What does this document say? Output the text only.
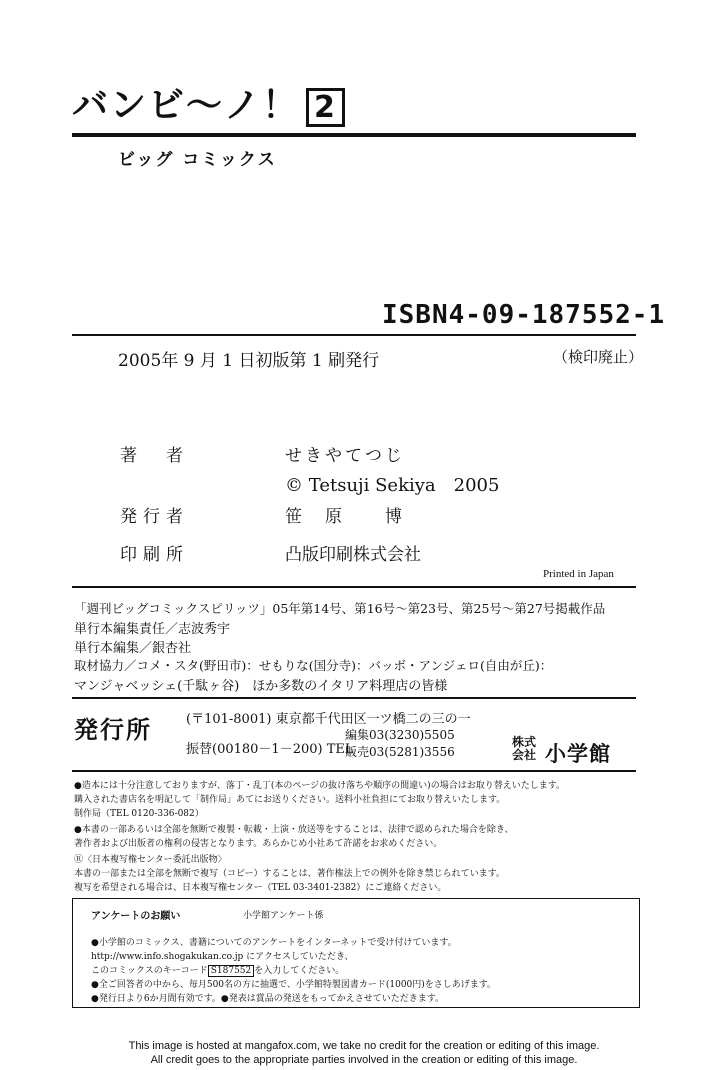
バンビ〜ノ！ 2
ビッグ コミックス
ISBN4-09-187552-1
2005年 9 月 1 日初版第 1 刷発行	（検印廃止）
著　者	せきやてつじ
© Tetsuji Sekiya　2005
発行者	笹　原　　博
印刷所	凸版印刷株式会社
Printed in Japan
「週刊ビッグコミックスピリッツ」05年第14号、第16号〜第23号、第25号〜第27号掲載作品
単行本編集責任／志波秀宇
単行本編集／銀杏社
取材協力／コメ・スタ(野田市)：せもりな(国分寺)：バッボ・アンジェロ(自由が丘)：
マンジャベッシェ(千駄ヶ谷)　ほか多数のイタリア料理店の皆様
発行所	(〒101-8001) 東京都千代田区一ツ橋二の三の一
振替(00180－1－200) TEL
編集03(3230)5505
販売03(5281)3556
株式
会社 小学館
●造本には十分注意しておりますが、落丁・乱丁(本のページの抜け落ちや順序の間違い)の場合はお取り替えいたします。
購入された書店名を明記して「制作局」あてにお送りください。送料小社負担にてお取り替えいたします。
制作局（TEL 0120-336-082）
●本書の一部あるいは全部を無断で複製・転載・上演・放送等をすることは、法律で認められた場合を除き、
著作者および出版者の権利の侵害となります。あらかじめ小社あて許諾をお求めください。
Ⓡ〈日本複写権センター委託出版物〉
本書の一部または全部を無断で複写（コピー）することは、著作権法上での例外を除き禁じられています。
複写を希望される場合は、日本複写権センター（TEL 03-3401-2382）にご連絡ください。
アンケートのお願い	小学館アンケート係
●小学館のコミックス、書籍についてのアンケートをインターネットで受け付けています。
http://www.info.shogakukan.co.jp にアクセスしていただき、
このコミックスのキーコード S187552 を入力してください。
●全ご回答者の中から、毎月500名の方に抽選で、小学館特製図書カード(1000円)をさしあげます。
●発行日より6か月間有効です。●発表は賞品の発送をもってかえさせていただきます。
This image is hosted at mangafox.com, we take no credit for the creation or editing of this image.
All credit goes to the appropriate parties involved in the creation or editing of this image.
